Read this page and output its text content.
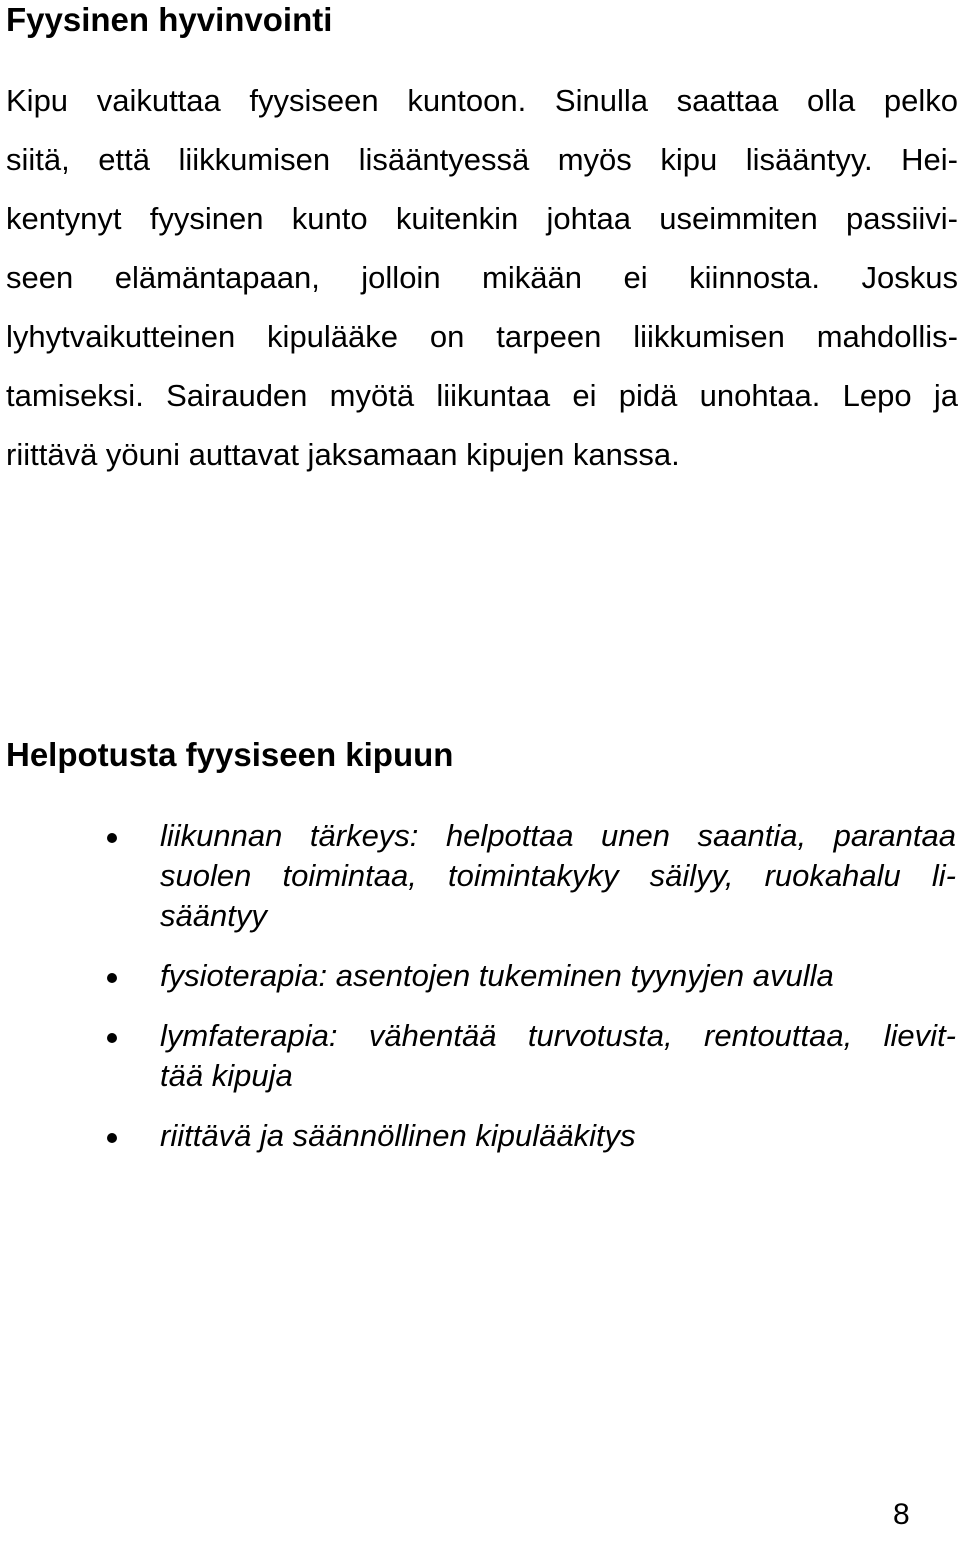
Fyysinen hyvinvointi
Kipu vaikuttaa fyysiseen kuntoon. Sinulla saattaa olla pelko
siitä, että liikkumisen lisääntyessä myös kipu lisääntyy. Hei-
kentynyt fyysinen kunto kuitenkin johtaa useimmiten passiivi-
seen elämäntapaan, jolloin mikään ei kiinnosta. Joskus
lyhytvaikutteinen kipulääke on tarpeen liikkumisen mahdollis-
tamiseksi. Sairauden myötä liikuntaa ei pidä unohtaa. Lepo ja
riittävä yöuni auttavat jaksamaan kipujen kanssa.
Helpotusta fyysiseen kipuun
liikunnan tärkeys: helpottaa unen saantia, parantaa
suolen toimintaa, toimintakyky säilyy, ruokahalu li-
sääntyy
fysioterapia: asentojen tukeminen tyynyjen avulla
lymfaterapia: vähentää turvotusta, rentouttaa, lievit-
tää kipuja
riittävä ja säännöllinen kipulääkitys
8
